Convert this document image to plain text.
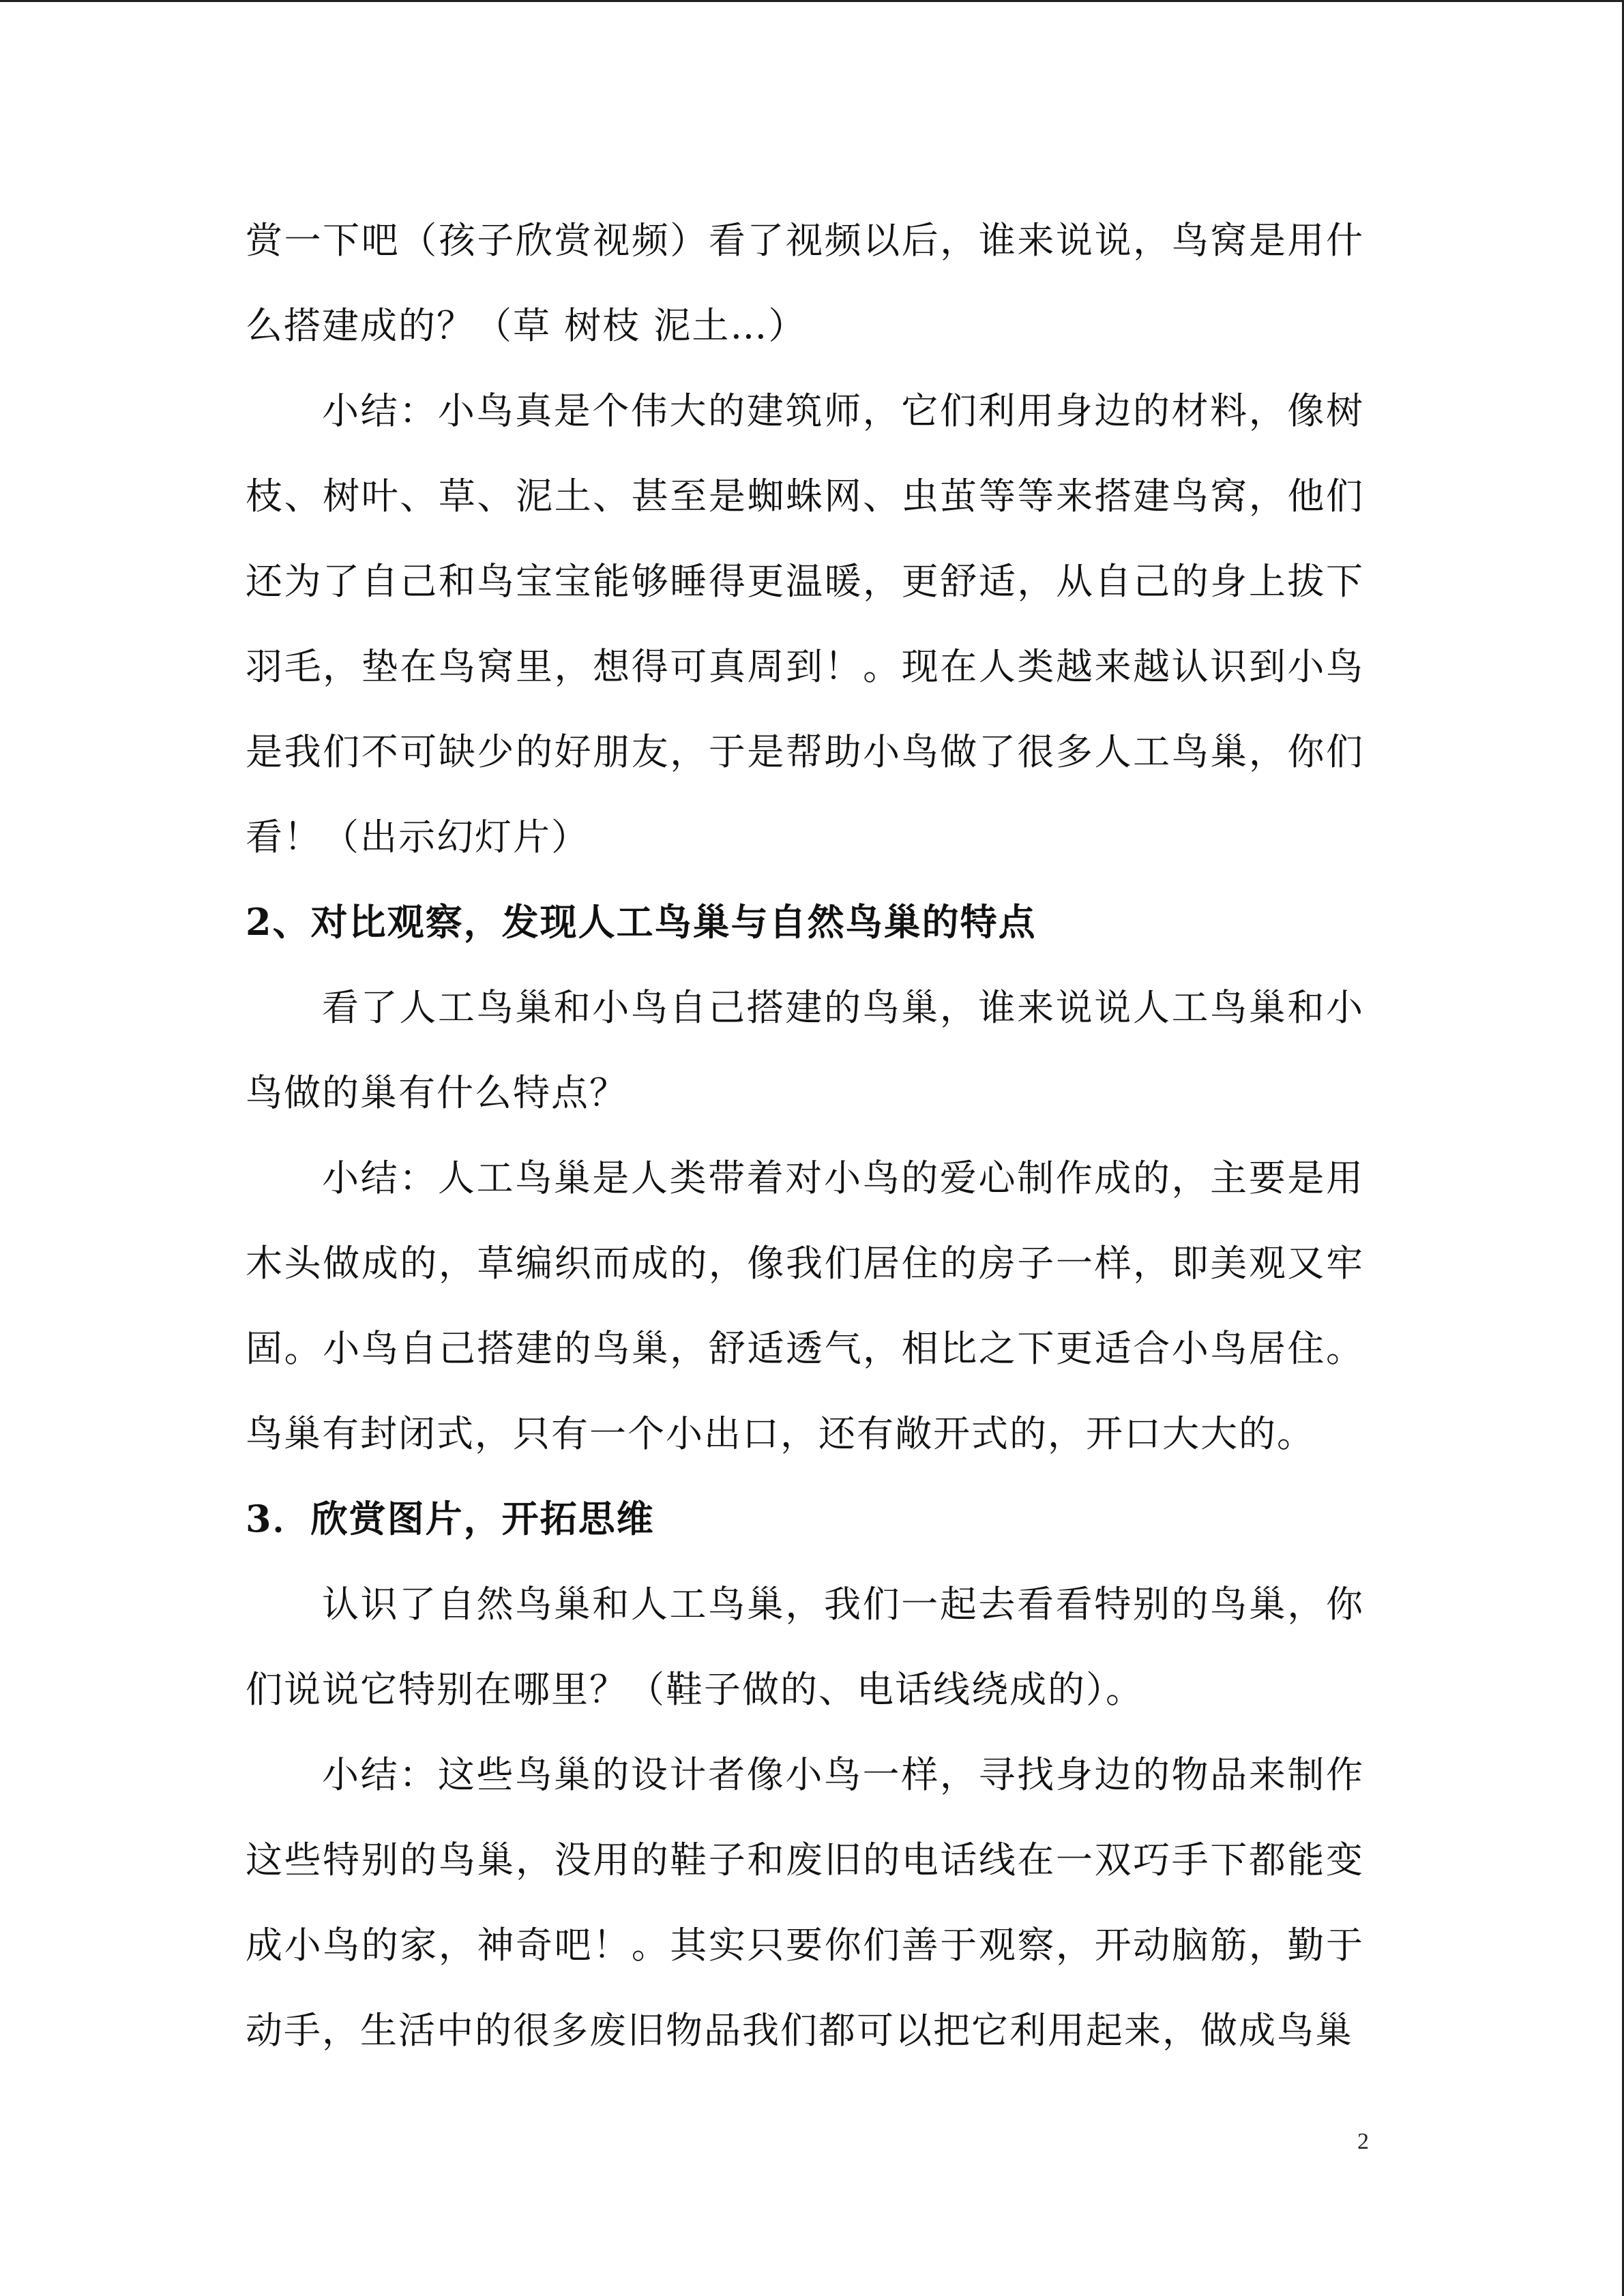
赏一下吧（孩子欣赏视频）看了视频以后，谁来说说，鸟窝是用什么搭建成的？（草 树枝 泥土…）

小结：小鸟真是个伟大的建筑师，它们利用身边的材料，像树枝、树叶、草、泥土、甚至是蜘蛛网、虫茧等等来搭建鸟窝，他们还为了自己和鸟宝宝能够睡得更温暖，更舒适，从自己的身上拔下羽毛，垫在鸟窝里，想得可真周到！。现在人类越来越认识到小鸟是我们不可缺少的好朋友，于是帮助小鸟做了很多人工鸟巢，你们看！（出示幻灯片）

2、对比观察，发现人工鸟巢与自然鸟巢的特点

看了人工鸟巢和小鸟自己搭建的鸟巢，谁来说说人工鸟巢和小鸟做的巢有什么特点？

小结：人工鸟巢是人类带着对小鸟的爱心制作成的，主要是用木头做成的，草编织而成的，像我们居住的房子一样，即美观又牢固。小鸟自己搭建的鸟巢，舒适透气，相比之下更适合小鸟居住。鸟巢有封闭式，只有一个小出口，还有敞开式的，开口大大的。

3．欣赏图片，开拓思维

认识了自然鸟巢和人工鸟巢，我们一起去看看特别的鸟巢，你们说说它特别在哪里？（鞋子做的、电话线绕成的）。

小结：这些鸟巢的设计者像小鸟一样，寻找身边的物品来制作这些特别的鸟巢，没用的鞋子和废旧的电话线在一双巧手下都能变成小鸟的家，神奇吧！。其实只要你们善于观察，开动脑筋，勤于动手，生活中的很多废旧物品我们都可以把它利用起来，做成鸟巢

2
